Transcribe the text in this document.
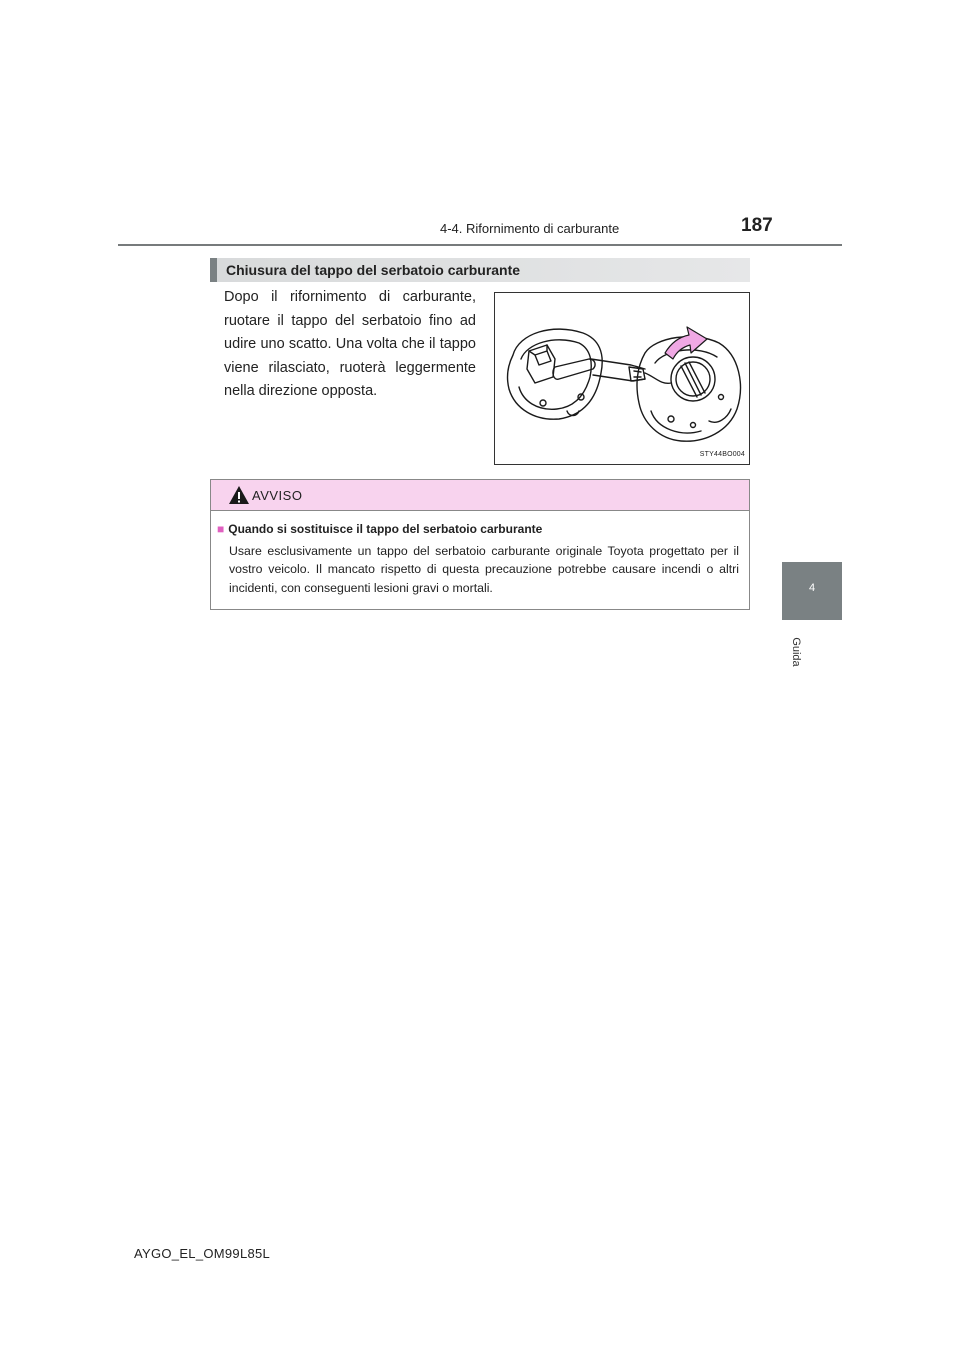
4-4. Rifornimento di carburante	187
4
Guida
Chiusura del tappo del serbatoio carburante
Dopo il rifornimento di carburante, ruotare il tappo del serbatoio fino ad udire uno scatto. Una volta che il tappo viene rilasciato, ruoterà leggermente nella direzione opposta.
STY44BO004
AVVISO
■ Quando si sostituisce il tappo del serbatoio carburante
Usare esclusivamente un tappo del serbatoio carburante originale Toyota progettato per il vostro veicolo. Il mancato rispetto di questa precauzione potrebbe causare incendi o altri incidenti, con conseguenti lesioni gravi o mortali.
AYGO_EL_OM99L85L
